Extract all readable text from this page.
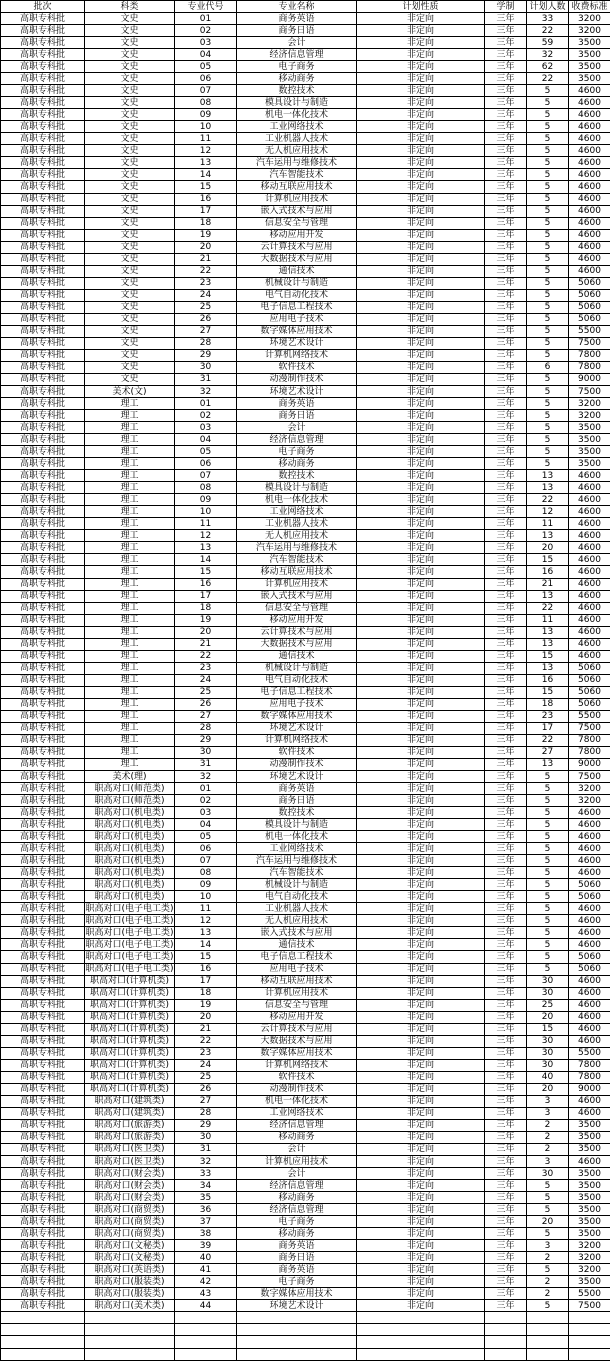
批次	科类	专业代号	专业名称	计划性质	学制	计划人数	收费标准
高职专科批	文史	01	商务英语	非定向	三年	33	3200
高职专科批	文史	02	商务日语	非定向	三年	22	3200
高职专科批	文史	03	会计	非定向	三年	59	3500
高职专科批	文史	04	经济信息管理	非定向	三年	32	3500
高职专科批	文史	05	电子商务	非定向	三年	62	3500
高职专科批	文史	06	移动商务	非定向	三年	22	3500
高职专科批	文史	07	数控技术	非定向	三年	5	4600
高职专科批	文史	08	模具设计与制造	非定向	三年	5	4600
高职专科批	文史	09	机电一体化技术	非定向	三年	5	4600
高职专科批	文史	10	工业网络技术	非定向	三年	5	4600
高职专科批	文史	11	工业机器人技术	非定向	三年	5	4600
高职专科批	文史	12	无人机应用技术	非定向	三年	5	4600
高职专科批	文史	13	汽车运用与维修技术	非定向	三年	5	4600
高职专科批	文史	14	汽车智能技术	非定向	三年	5	4600
高职专科批	文史	15	移动互联应用技术	非定向	三年	5	4600
高职专科批	文史	16	计算机应用技术	非定向	三年	5	4600
高职专科批	文史	17	嵌入式技术与应用	非定向	三年	5	4600
高职专科批	文史	18	信息安全与管理	非定向	三年	5	4600
高职专科批	文史	19	移动应用开发	非定向	三年	5	4600
高职专科批	文史	20	云计算技术与应用	非定向	三年	5	4600
高职专科批	文史	21	大数据技术与应用	非定向	三年	5	4600
高职专科批	文史	22	通信技术	非定向	三年	5	4600
高职专科批	文史	23	机械设计与制造	非定向	三年	5	5060
高职专科批	文史	24	电气自动化技术	非定向	三年	5	5060
高职专科批	文史	25	电子信息工程技术	非定向	三年	5	5060
高职专科批	文史	26	应用电子技术	非定向	三年	5	5060
高职专科批	文史	27	数字媒体应用技术	非定向	三年	5	5500
高职专科批	文史	28	环境艺术设计	非定向	三年	5	7500
高职专科批	文史	29	计算机网络技术	非定向	三年	5	7800
高职专科批	文史	30	软件技术	非定向	三年	6	7800
高职专科批	文史	31	动漫制作技术	非定向	三年	5	9000
高职专科批	美术(文)	32	环境艺术设计	非定向	三年	5	7500
高职专科批	理工	01	商务英语	非定向	三年	5	3200
高职专科批	理工	02	商务日语	非定向	三年	5	3200
高职专科批	理工	03	会计	非定向	三年	5	3500
高职专科批	理工	04	经济信息管理	非定向	三年	5	3500
高职专科批	理工	05	电子商务	非定向	三年	5	3500
高职专科批	理工	06	移动商务	非定向	三年	5	3500
高职专科批	理工	07	数控技术	非定向	三年	13	4600
高职专科批	理工	08	模具设计与制造	非定向	三年	13	4600
高职专科批	理工	09	机电一体化技术	非定向	三年	22	4600
高职专科批	理工	10	工业网络技术	非定向	三年	12	4600
高职专科批	理工	11	工业机器人技术	非定向	三年	11	4600
高职专科批	理工	12	无人机应用技术	非定向	三年	13	4600
高职专科批	理工	13	汽车运用与维修技术	非定向	三年	20	4600
高职专科批	理工	14	汽车智能技术	非定向	三年	15	4600
高职专科批	理工	15	移动互联应用技术	非定向	三年	16	4600
高职专科批	理工	16	计算机应用技术	非定向	三年	21	4600
高职专科批	理工	17	嵌入式技术与应用	非定向	三年	13	4600
高职专科批	理工	18	信息安全与管理	非定向	三年	22	4600
高职专科批	理工	19	移动应用开发	非定向	三年	11	4600
高职专科批	理工	20	云计算技术与应用	非定向	三年	13	4600
高职专科批	理工	21	大数据技术与应用	非定向	三年	13	4600
高职专科批	理工	22	通信技术	非定向	三年	15	4600
高职专科批	理工	23	机械设计与制造	非定向	三年	13	5060
高职专科批	理工	24	电气自动化技术	非定向	三年	16	5060
高职专科批	理工	25	电子信息工程技术	非定向	三年	15	5060
高职专科批	理工	26	应用电子技术	非定向	三年	18	5060
高职专科批	理工	27	数字媒体应用技术	非定向	三年	23	5500
高职专科批	理工	28	环境艺术设计	非定向	三年	17	7500
高职专科批	理工	29	计算机网络技术	非定向	三年	22	7800
高职专科批	理工	30	软件技术	非定向	三年	27	7800
高职专科批	理工	31	动漫制作技术	非定向	三年	13	9000
高职专科批	美术(理)	32	环境艺术设计	非定向	三年	5	7500
高职专科批	职高对口(师范类)	01	商务英语	非定向	三年	5	3200
高职专科批	职高对口(师范类)	02	商务日语	非定向	三年	5	3200
高职专科批	职高对口(机电类)	03	数控技术	非定向	三年	5	4600
高职专科批	职高对口(机电类)	04	模具设计与制造	非定向	三年	5	4600
高职专科批	职高对口(机电类)	05	机电一体化技术	非定向	三年	5	4600
高职专科批	职高对口(机电类)	06	工业网络技术	非定向	三年	5	4600
高职专科批	职高对口(机电类)	07	汽车运用与维修技术	非定向	三年	5	4600
高职专科批	职高对口(机电类)	08	汽车智能技术	非定向	三年	5	4600
高职专科批	职高对口(机电类)	09	机械设计与制造	非定向	三年	5	5060
高职专科批	职高对口(机电类)	10	电气自动化技术	非定向	三年	5	5060
高职专科批	职高对口(电子电工类)	11	工业机器人技术	非定向	三年	5	4600
高职专科批	职高对口(电子电工类)	12	无人机应用技术	非定向	三年	5	4600
高职专科批	职高对口(电子电工类)	13	嵌入式技术与应用	非定向	三年	5	4600
高职专科批	职高对口(电子电工类)	14	通信技术	非定向	三年	5	4600
高职专科批	职高对口(电子电工类)	15	电子信息工程技术	非定向	三年	5	5060
高职专科批	职高对口(电子电工类)	16	应用电子技术	非定向	三年	5	5060
高职专科批	职高对口(计算机类)	17	移动互联应用技术	非定向	三年	30	4600
高职专科批	职高对口(计算机类)	18	计算机应用技术	非定向	三年	30	4600
高职专科批	职高对口(计算机类)	19	信息安全与管理	非定向	三年	25	4600
高职专科批	职高对口(计算机类)	20	移动应用开发	非定向	三年	20	4600
高职专科批	职高对口(计算机类)	21	云计算技术与应用	非定向	三年	15	4600
高职专科批	职高对口(计算机类)	22	大数据技术与应用	非定向	三年	30	4600
高职专科批	职高对口(计算机类)	23	数字媒体应用技术	非定向	三年	30	5500
高职专科批	职高对口(计算机类)	24	计算机网络技术	非定向	三年	30	7800
高职专科批	职高对口(计算机类)	25	软件技术	非定向	三年	40	7800
高职专科批	职高对口(计算机类)	26	动漫制作技术	非定向	三年	20	9000
高职专科批	职高对口(建筑类)	27	机电一体化技术	非定向	三年	3	4600
高职专科批	职高对口(建筑类)	28	工业网络技术	非定向	三年	3	4600
高职专科批	职高对口(旅游类)	29	经济信息管理	非定向	三年	2	3500
高职专科批	职高对口(旅游类)	30	移动商务	非定向	三年	2	3500
高职专科批	职高对口(医卫类)	31	会计	非定向	三年	2	3500
高职专科批	职高对口(医卫类)	32	计算机应用技术	非定向	三年	3	4600
高职专科批	职高对口(财会类)	33	会计	非定向	三年	30	3500
高职专科批	职高对口(财会类)	34	经济信息管理	非定向	三年	5	3500
高职专科批	职高对口(财会类)	35	移动商务	非定向	三年	5	3500
高职专科批	职高对口(商贸类)	36	经济信息管理	非定向	三年	5	3500
高职专科批	职高对口(商贸类)	37	电子商务	非定向	三年	20	3500
高职专科批	职高对口(商贸类)	38	移动商务	非定向	三年	5	3500
高职专科批	职高对口(文秘类)	39	商务英语	非定向	三年	3	3200
高职专科批	职高对口(文秘类)	40	商务日语	非定向	三年	2	3200
高职专科批	职高对口(英语类)	41	商务英语	非定向	三年	5	3200
高职专科批	职高对口(服装类)	42	电子商务	非定向	三年	2	3500
高职专科批	职高对口(服装类)	43	数字媒体应用技术	非定向	三年	2	5500
高职专科批	职高对口(美术类)	44	环境艺术设计	非定向	三年	5	7500
